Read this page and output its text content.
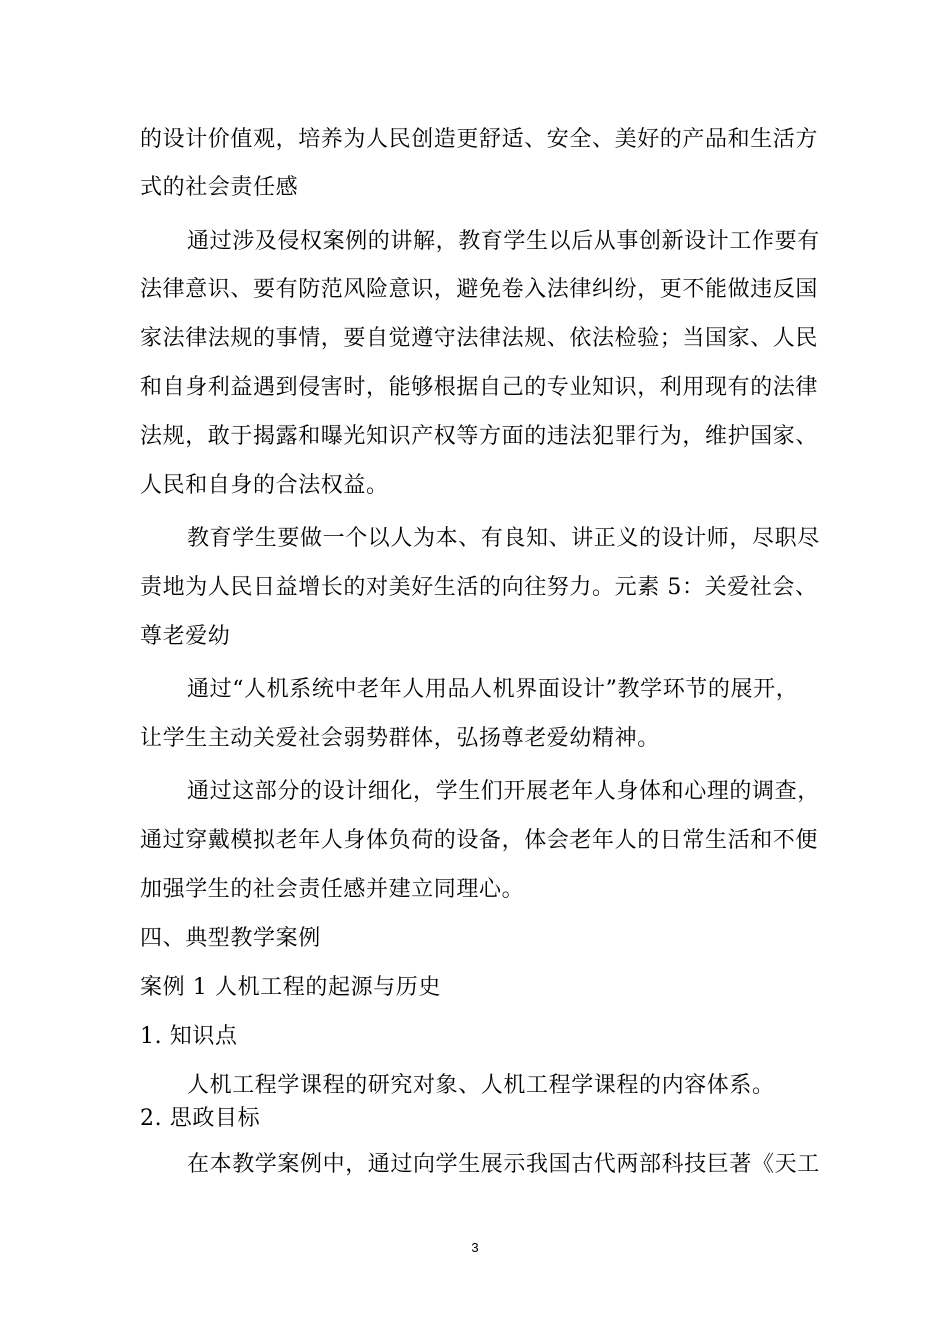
的设计价值观，培养为人民创造更舒适、安全、美好的产品和生活方
式的社会责任感
通过涉及侵权案例的讲解，教育学生以后从事创新设计工作要有
法律意识、要有防范风险意识，避免卷入法律纠纷，更不能做违反国
家法律法规的事情，要自觉遵守法律法规、依法检验；当国家、人民
和自身利益遇到侵害时，能够根据自己的专业知识，利用现有的法律
法规，敢于揭露和曝光知识产权等方面的违法犯罪行为，维护国家、
人民和自身的合法权益。
教育学生要做一个以人为本、有良知、讲正义的设计师，尽职尽
责地为人民日益增长的对美好生活的向往努力。元素 5：关爱社会、
尊老爱幼
通过“人机系统中老年人用品人机界面设计”教学环节的展开，
让学生主动关爱社会弱势群体，弘扬尊老爱幼精神。
通过这部分的设计细化，学生们开展老年人身体和心理的调查，
通过穿戴模拟老年人身体负荷的设备，体会老年人的日常生活和不便
加强学生的社会责任感并建立同理心。
四、典型教学案例
案例 1 人机工程的起源与历史
1. 知识点
人机工程学课程的研究对象、人机工程学课程的内容体系。
2. 思政目标
在本教学案例中，通过向学生展示我国古代两部科技巨著《天工
3
